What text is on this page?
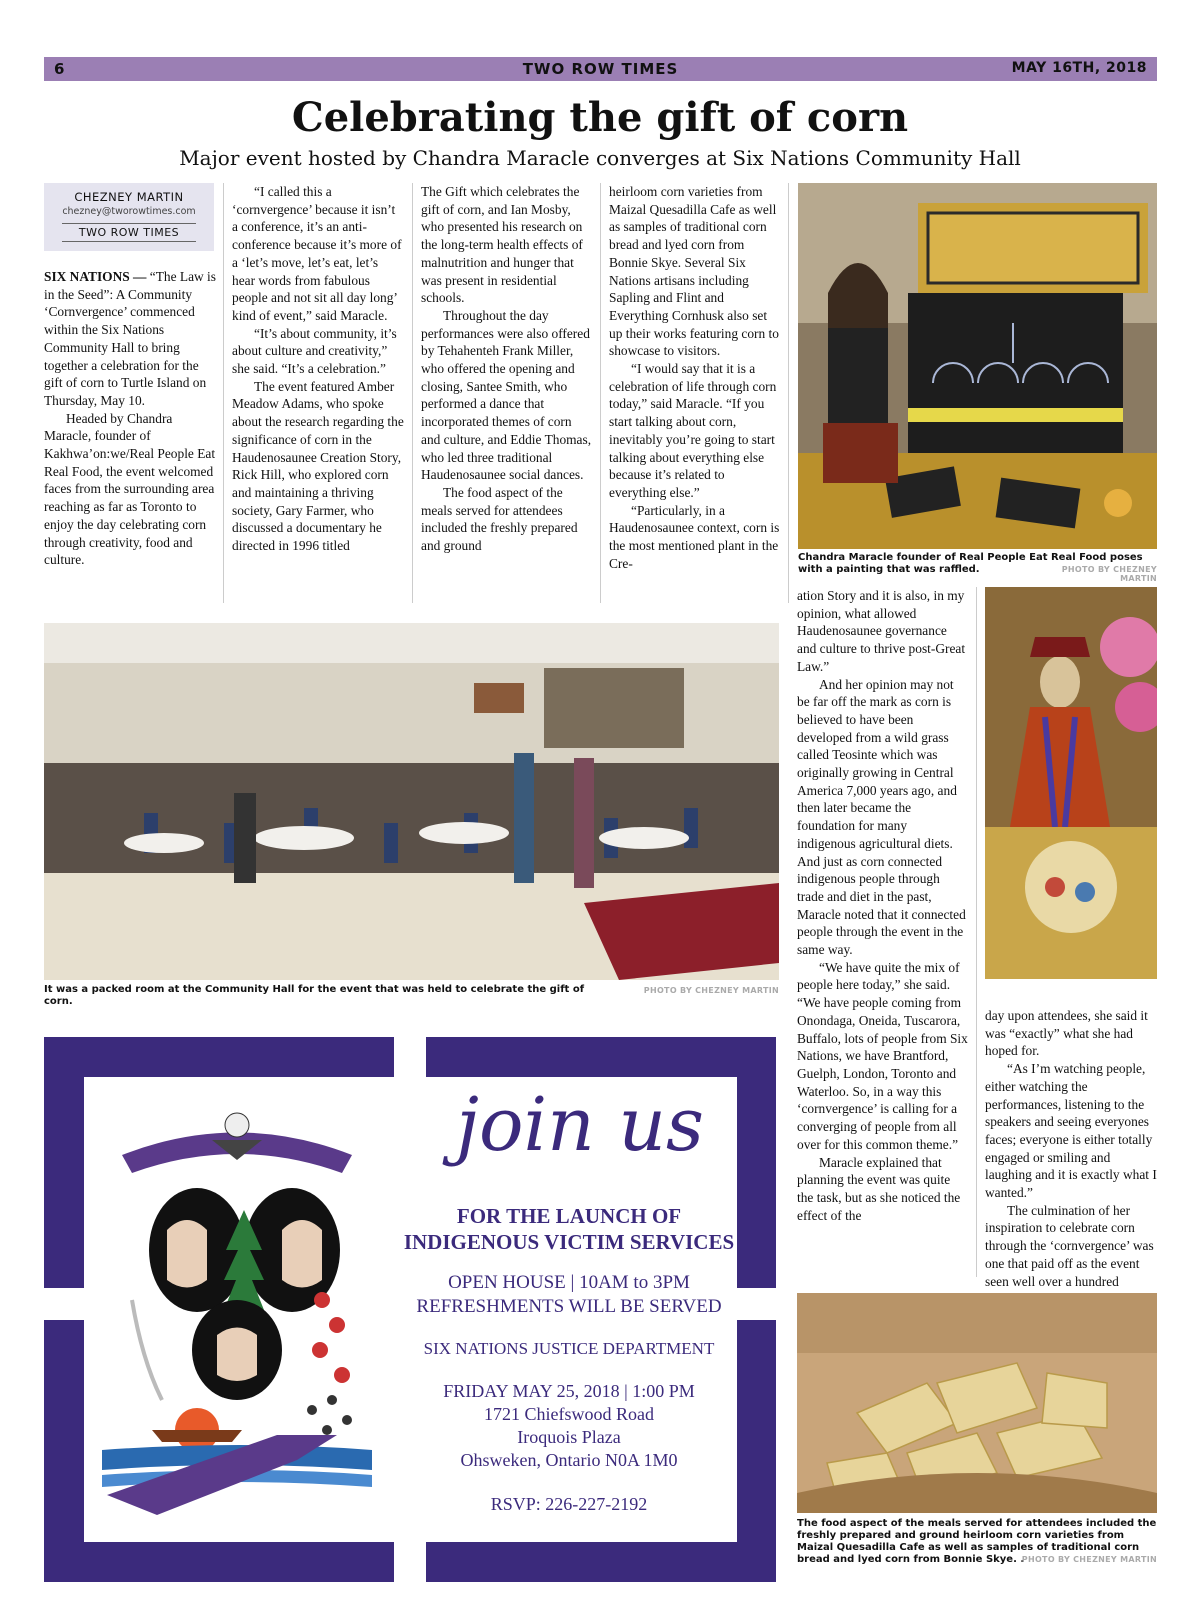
6	TWO ROW TIMES	MAY 16TH, 2018
Celebrating the gift of corn
Major event hosted by Chandra Maracle converges at Six Nations Community Hall
CHEZNEY MARTIN
chezney@tworowtimes.com
TWO ROW TIMES

SIX NATIONS — “The Law is in the Seed”: A Community ‘Cornvergence’ commenced within the Six Nations Community Hall to bring together a celebration for the gift of corn to Turtle Island on Thursday, May 10.

Headed by Chandra Maracle, founder of Kakhwa’on:we/Real People Eat Real Food, the event welcomed faces from the surrounding area reaching as far as Toronto to enjoy the day celebrating corn through creativity, food and culture.

“I called this a ‘cornvergence’ because it isn’t a conference, it’s an anti-conference because it’s more of a ‘let’s move, let’s eat, let’s hear words from fabulous people and not sit all day long’ kind of event,” said Maracle.

“It’s about community, it’s about culture and creativity,” she said. “It’s a celebration.”

The event featured Amber Meadow Adams, who spoke about the research regarding the significance of corn in the Haudenosaunee Creation Story, Rick Hill, who explored corn and maintaining a thriving society, Gary Farmer, who discussed a documentary he directed in 1996 titled

The Gift which celebrates the gift of corn, and Ian Mosby, who presented his research on the long-term health effects of malnutrition and hunger that was present in residential schools.

Throughout the day performances were also offered by Tehahenteh Frank Miller, who offered the opening and closing, Santee Smith, who performed a dance that incorporated themes of corn and culture, and Eddie Thomas, who led three traditional Haudenosaunee social dances.

The food aspect of the meals served for attendees included the freshly prepared and ground

heirloom corn varieties from Maizal Quesadilla Cafe as well as samples of traditional corn bread and lyed corn from Bonnie Skye. Several Six Nations artisans including Sapling and Flint and Everything Cornhusk also set up their works featuring corn to showcase to visitors.

“I would say that it is a celebration of life through corn today,” said Maracle. “If you start talking about corn, inevitably you’re going to start talking about everything else because it’s related to everything else.”

“Particularly, in a Haudenosaunee context, corn is the most mentioned plant in the Cre-	Chandra Maracle founder of Real People Eat Real Food poses with a painting that was raffled.	PHOTO BY CHEZNEY MARTIN
It was a packed room at the Community Hall for the event that was held to celebrate the gift of corn.
PHOTO BY CHEZNEY MARTIN

ation Story and it is also, in my opinion, what allowed Haudenosaunee governance and culture to thrive post-Great Law.”

And her opinion may not be far off the mark as corn is believed to have been developed from a wild grass called Teosinte which was originally growing in Central America 7,000 years ago, and then later became the foundation for many indigenous agricultural diets. And just as corn connected indigenous people through trade and diet in the past, Maracle noted that it connected people through the event in the same way.

“We have quite the mix of people here today,” she said. “We have people coming from Onondaga, Oneida, Tuscarora, Buffalo, lots of people from Six Nations, we have Brantford, Guelph, London, Toronto and Waterloo. So, in a way this ‘cornvergence’ is calling for a converging of people from all over for this common theme.”

Maracle explained that planning the event was quite the task, but as she noticed the effect of the

day upon attendees, she said it was “exactly” what she had hoped for.

“As I’m watching people, either watching the performances, listening to the speakers and seeing everyones faces; everyone is either totally engaged or smiling and laughing and it is exactly what I wanted.”

The culmination of her inspiration to celebrate corn through the ‘cornvergence’ was one that paid off as the event seen well over a hundred

The food aspect of the meals served for attendees included the freshly prepared and ground heirloom corn varieties from Maizal Quesadilla Cafe as well as samples of traditional corn bread and lyed corn from Bonnie Skye. .
PHOTO BY CHEZNEY MARTIN
join us
FOR THE LAUNCH OF
INDIGENOUS VICTIM SERVICES
OPEN HOUSE | 10AM to 3PM
REFRESHMENTS WILL BE SERVED
SIX NATIONS JUSTICE DEPARTMENT
FRIDAY MAY 25, 2018 | 1:00 PM
1721 Chiefswood Road
Iroquois Plaza
Ohsweken, Ontario N0A 1M0
RSVP: 226-227-2192
